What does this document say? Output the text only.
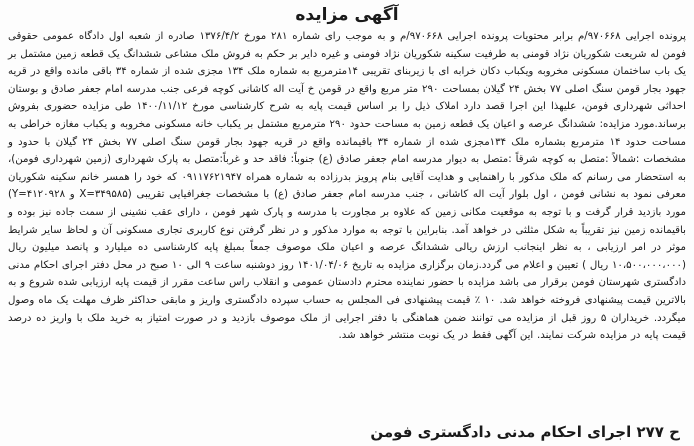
آگهی مزایده

پرونده اجرایی ۹۷۰۶۶۸/م برابر محتویات پرونده اجرایی ۹۷۰۶۶۸/م و به موجب رای شماره ۲۸۱ مورخ ۱۳۷۶/۴/۲ صادره از شعبه اول دادگاه عمومی حقوقی فومن له شریعت شکوریان نژاد قومنی به طرفیت سکینه شکوریان نژاد فومنی و غیره دایر بر حکم به فروش ملک مشاعی ششدانگ یک قطعه زمین مشتمل بر یک باب ساختمان مسکونی مخروبه ویکباب دکان خرابه ای با زیربنای تقریبی ۱۴مترمربع به شماره ملک ۱۳۴ مجزی شده از شماره ۳۴ باقی مانده واقع در قریه جهود بجار قومن سنگ اصلی ۷۷ بخش ۲۴ گیلان بمساحت ۲۹۰ متر مربع واقع در قومن خ آیت اله کاشانی کوچه فرعی جنب مدرسه امام جعفر صادق و بوستان احداثی شهرداری فومن، علیهذا این اجرا قصد دارد املاک ذیل را بر اساس قیمت پایه به شرح کارشناسی مورخ ۱۴۰۰/۱۱/۱۲ طی مزایده حضوری بفروش برساند.مورد مزایده: ششدانگ عرصه و اعیان یک قطعه زمین به مساحت حدود ۲۹۰ مترمربع مشتمل بر یکباب خانه مسکونی مخروبه و یکباب مغازه خراطی به مساحت حدود ۱۴ مترمربع بشماره ملک ۱۳۴مجزی شده از شماره ۳۴ باقیمانده واقع در قریه جهود بجار قومن سنگ اصلی ۷۷ بخش ۲۴ گیلان با حدود و مشخصات :شمالاً :متصل به کوچه شرقاً :متصل به دیوار مدرسه امام جعفر صادق (ع) جنوباً: فاقد حد و غرباً:متصل به پارک شهرداری (زمین شهرداری فومن)، به استحضار می رسانم که ملک مذکور با راهنمایی و هدایت آقایی بنام پرویز بدرزاده به شماره همراه ۰۹۱۱۷۶۲۱۹۴۷ که خود را همسر خانم سکینه شکوریان معرفی نمود به نشانی فومن ، اول بلوار آیت اله کاشانی ، جنب مدرسه امام جعفر صادق (ع) با مشخصات جغرافیایی تقریبی (X=۳۴۹۵۸۵ و Y=۴۱۲۰۹۲۸) مورد بازدید قرار گرفت و با توجه به موقعیت مکانی زمین که علاوه بر مجاورت با مدرسه و پارک شهر فومن ، دارای عقب نشینی از سمت جاده نیز بوده و باقیمانده زمین نیز تقریباً به شکل مثلثی در خواهد آمد. بنابراین با توجه به موارد مذکور و در نظر گرفتن نوع کاربری تجاری مسکونی آن و لحاظ سایر شرایط موثر در امر ارزیابی ، به نظر اینجانب ارزش ریالی ششدانگ عرصه و اعیان ملک موصوف جمعاً بمبلغ پایه کارشناسی ده میلیارد و پانصد میلیون ریال (۱۰،۵۰۰،۰۰۰،۰۰۰ ریال ) تعیین و اعلام می گردد.زمان برگزاری مزایده به تاریخ ۱۴۰۱/۰۴/۰۶ روز دوشنبه ساعت ۹ الی ۱۰ صبح در محل دفتر اجرای احکام مدنی دادگستری شهرستان فومن برقرار می باشد مزایده با حضور نماینده محترم دادستان عمومی و انقلاب راس ساعت مقرر از قیمت پایه ارزیابی شده شروع و به بالاترین قیمت پیشنهادی فروخته خواهد شد. ۱۰ ٪ قیمت پیشنهادی فی المجلس به حساب سپرده دادگستری واریز و مابقی حداکثر ظرف مهلت یک ماه وصول میگردد. خریداران ۵ روز قبل از مزایده می توانند ضمن هماهنگی با دفتر اجرایی از ملک موصوف بازدید و در صورت امتیاز به خرید ملک با واریز ده درصد قیمت پایه در مزایده شرکت نمایند. این آگهی فقط در یک نوبت منتشر خواهد شد.

ح ۲۷۷ اجرای احکام مدنی دادگستری فومن
